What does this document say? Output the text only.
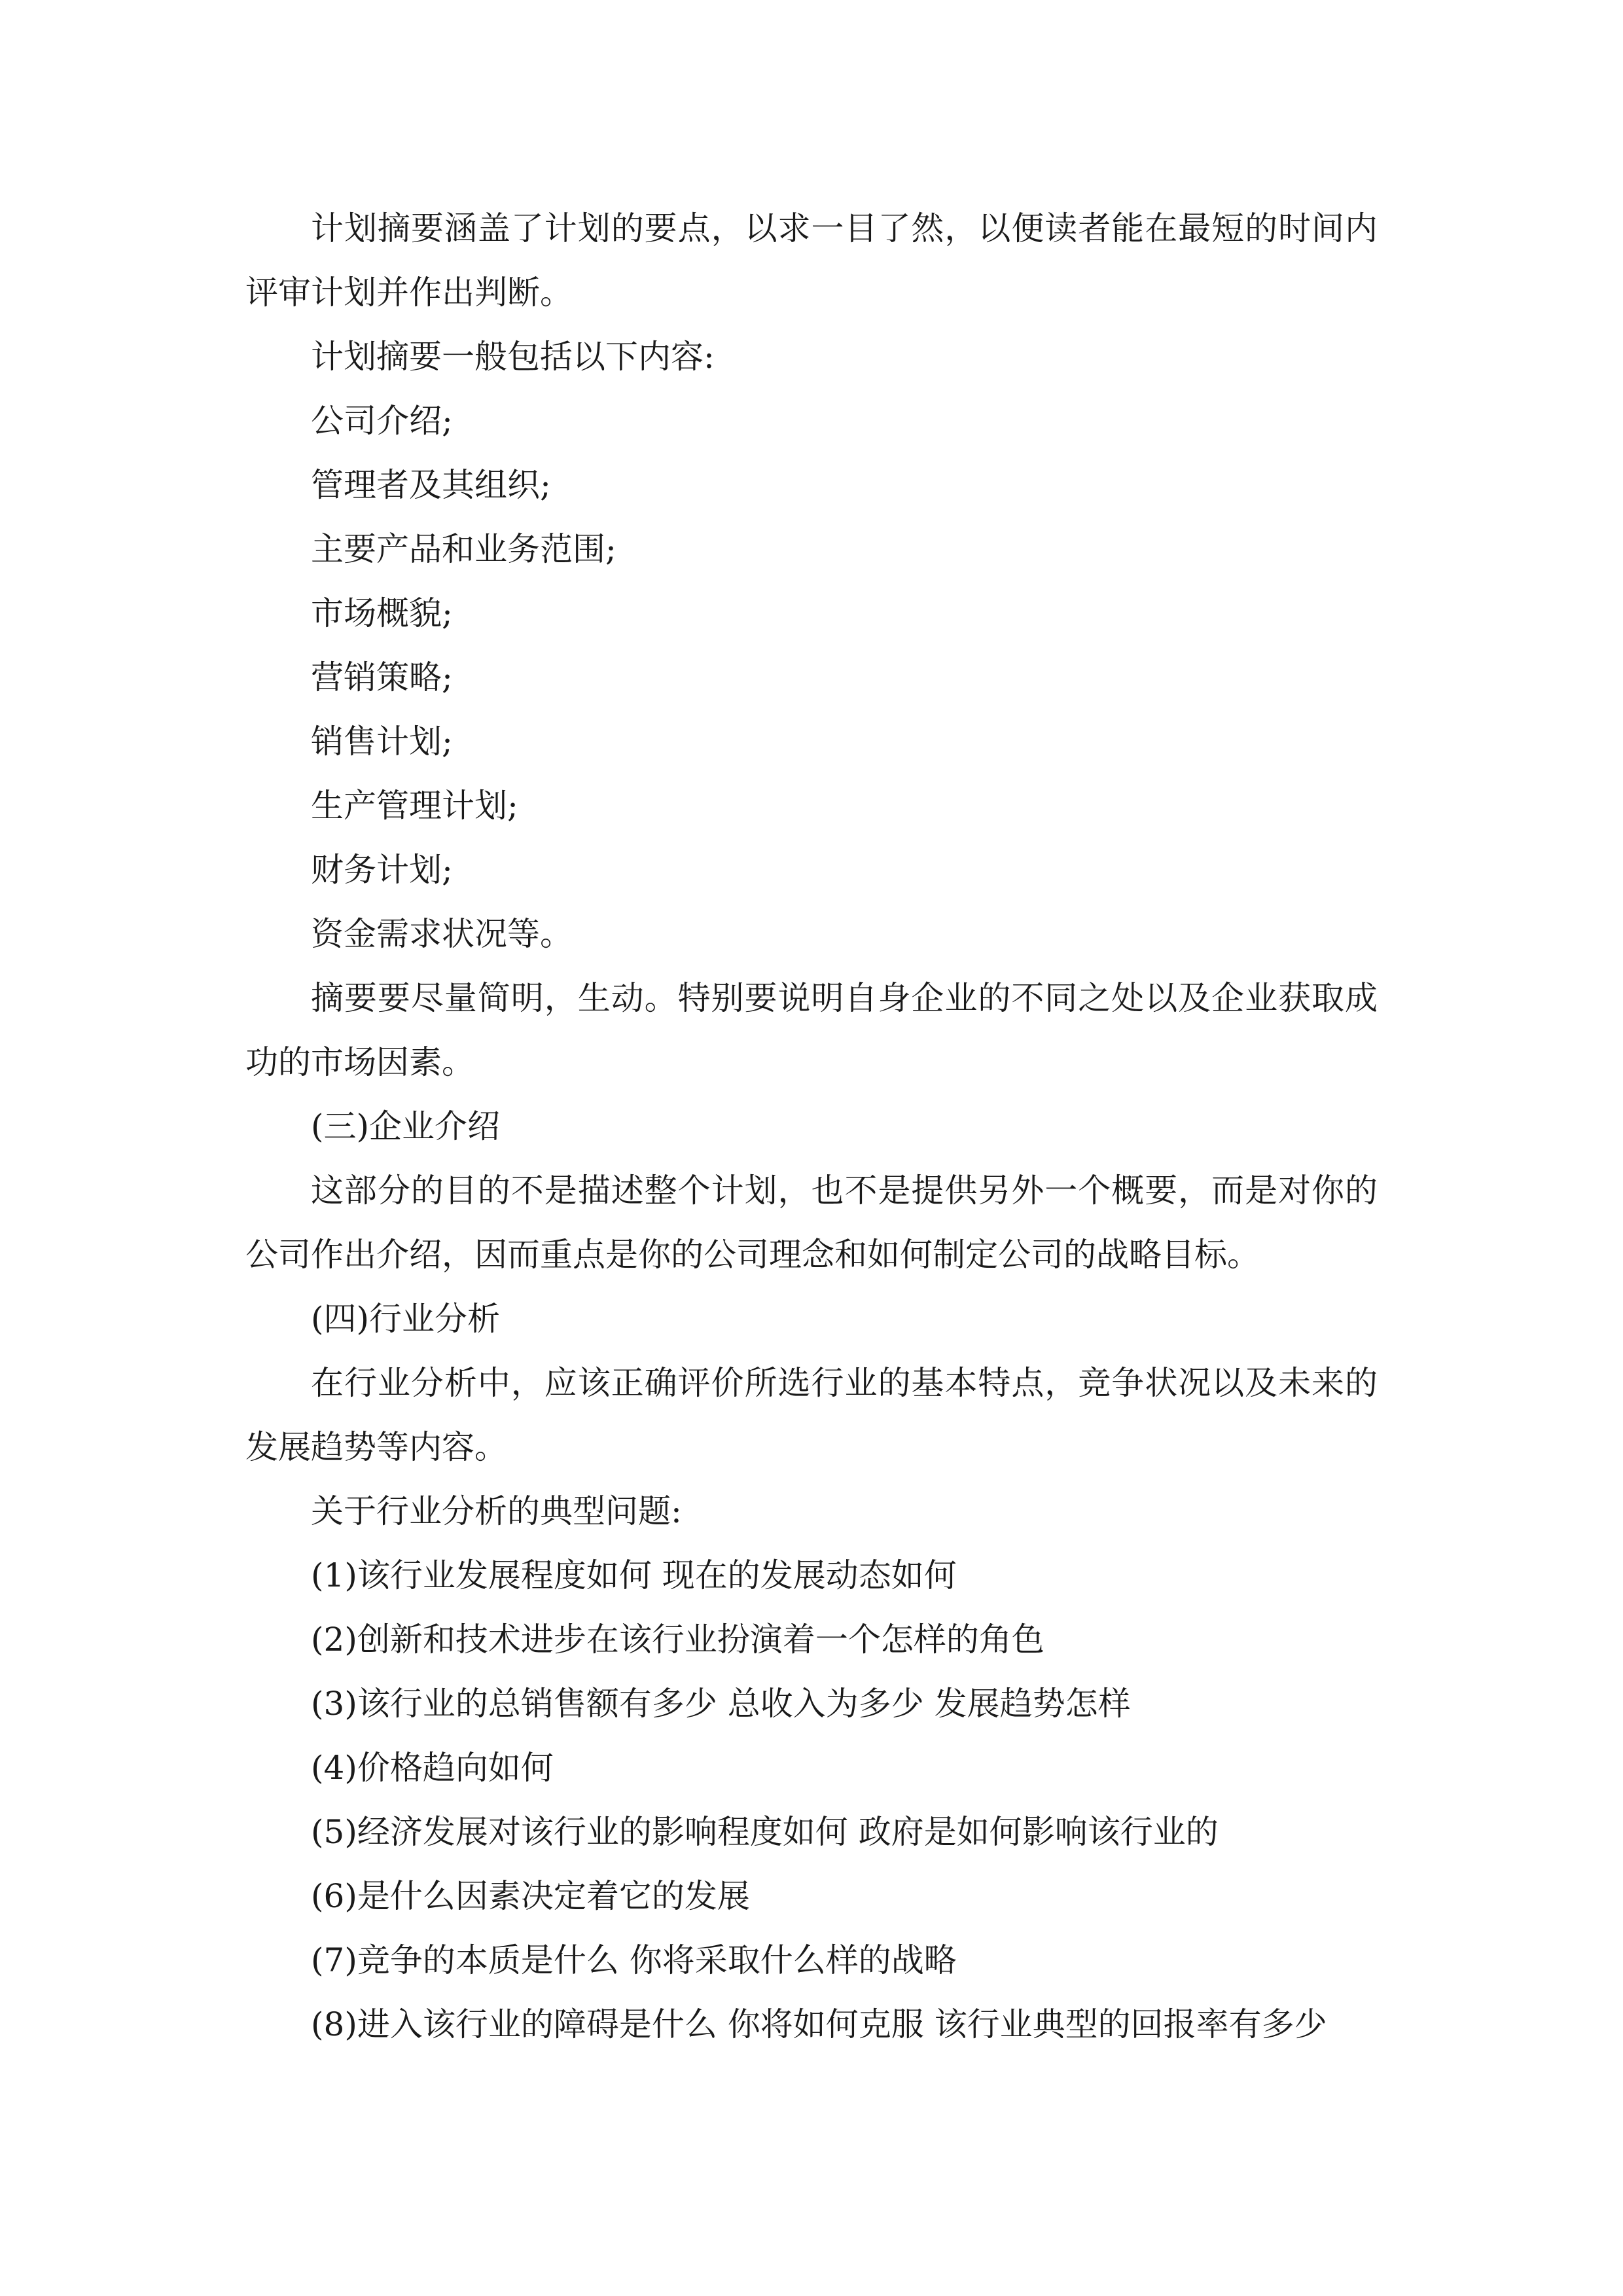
计划摘要涵盖了计划的要点，以求一目了然，以便读者能在最短的时间内评审计划并作出判断。

计划摘要一般包括以下内容:

公司介绍;

管理者及其组织;

主要产品和业务范围;

市场概貌;

营销策略;

销售计划;

生产管理计划;

财务计划;

资金需求状况等。

摘要要尽量简明，生动。特别要说明自身企业的不同之处以及企业获取成功的市场因素。

(三)企业介绍

这部分的目的不是描述整个计划，也不是提供另外一个概要，而是对你的公司作出介绍，因而重点是你的公司理念和如何制定公司的战略目标。

(四)行业分析

在行业分析中，应该正确评价所选行业的基本特点，竞争状况以及未来的发展趋势等内容。

关于行业分析的典型问题:

(1)该行业发展程度如何 现在的发展动态如何

(2)创新和技术进步在该行业扮演着一个怎样的角色

(3)该行业的总销售额有多少 总收入为多少 发展趋势怎样

(4)价格趋向如何

(5)经济发展对该行业的影响程度如何 政府是如何影响该行业的

(6)是什么因素决定着它的发展

(7)竞争的本质是什么 你将采取什么样的战略

(8)进入该行业的障碍是什么 你将如何克服 该行业典型的回报率有多少
